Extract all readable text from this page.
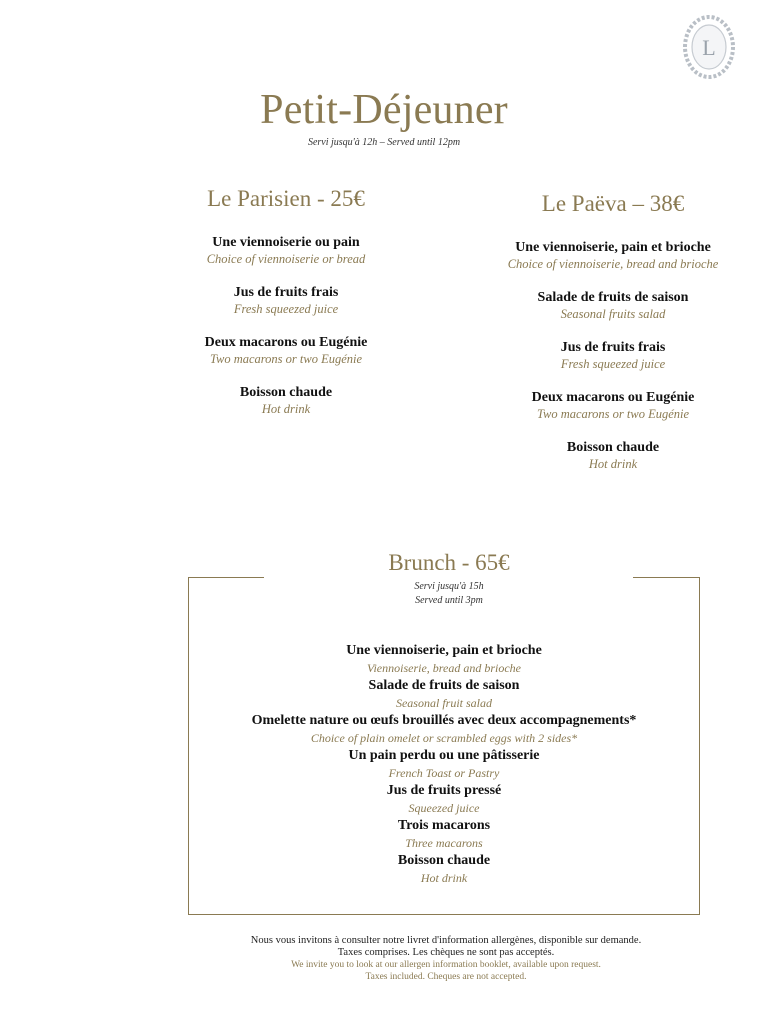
L
Petit-Déjeuner
Servi jusqu'à 12h – Served until 12pm
Le Parisien - 25€
Une viennoiserie ou pain
Choice of viennoiserie or bread
Jus de fruits frais
Fresh squeezed juice
Deux macarons ou Eugénie
Two macarons or two Eugénie
Boisson chaude
Hot drink
Le Paëva – 38€
Une viennoiserie, pain et brioche
Choice of viennoiserie, bread and brioche
Salade de fruits de saison
Seasonal fruits salad
Jus de fruits frais
Fresh squeezed juice
Deux macarons ou Eugénie
Two macarons or two Eugénie
Boisson chaude
Hot drink
Brunch - 65€
Servi jusqu'à 15h
Served until 3pm
Une viennoiserie, pain et brioche
Viennoiserie, bread and brioche
Salade de fruits de saison
Seasonal fruit salad
Omelette nature ou œufs brouillés avec deux accompagnements*
Choice of plain omelet or scrambled eggs with 2 sides*
Un pain perdu ou une pâtisserie
French Toast or Pastry
Jus de fruits pressé
Squeezed juice
Trois macarons
Three macarons
Boisson chaude
Hot drink
Nous vous invitons à consulter notre livret d'information allergènes, disponible sur demande.
Taxes comprises. Les chèques ne sont pas acceptés.
We invite you to look at our allergen information booklet, available upon request.
Taxes included. Cheques are not accepted.
